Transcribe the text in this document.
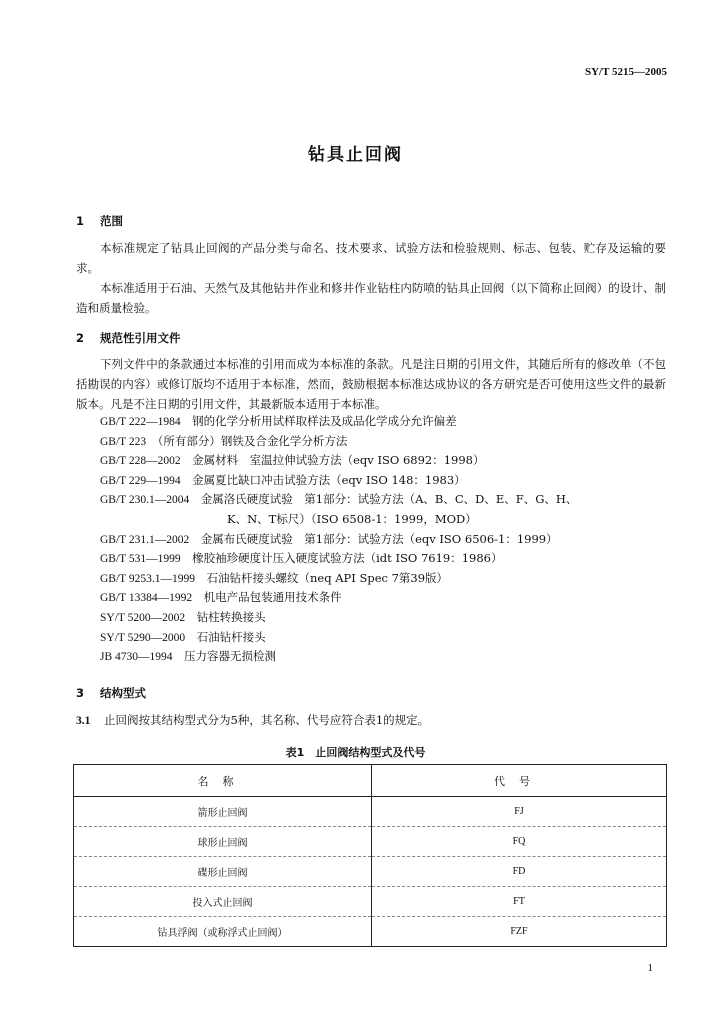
SY/T 5215—2005
钻具止回阀
1 范围
本标准规定了钻具止回阀的产品分类与命名、技术要求、试验方法和检验规则、标志、包装、贮存及运输的要求。
本标准适用于石油、天然气及其他钻井作业和修井作业钻柱内防喷的钻具止回阀（以下简称止回阀）的设计、制造和质量检验。
2 规范性引用文件
下列文件中的条款通过本标准的引用而成为本标准的条款。凡是注日期的引用文件，其随后所有的修改单（不包括勘误的内容）或修订版均不适用于本标准，然而，鼓励根据本标准达成协议的各方研究是否可使用这些文件的最新版本。凡是不注日期的引用文件，其最新版本适用于本标准。
GB/T 222—1984　 钢的化学分析用试样取样法及成品化学成分允许偏差
GB/T 223　 （所有部分）钢铁及合金化学分析方法
GB/T 228—2002　 金属材料　室温拉伸试验方法（eqv ISO 6892：1998）
GB/T 229—1994　 金属夏比缺口冲击试验方法（eqv ISO 148：1983）
GB/T 230.1—2004　 金属洛氏硬度试验　第1部分：试验方法（A、B、C、D、E、F、G、H、
K、N、T标尺）（ISO 6508-1：1999，MOD）
GB/T 231.1—2002　 金属布氏硬度试验　第1部分：试验方法（eqv ISO 6506-1：1999）
GB/T 531—1999　 橡胶袖珍硬度计压入硬度试验方法（idt ISO 7619：1986）
GB/T 9253.1—1999　 石油钻杆接头螺纹（neq API Spec 7第39版）
GB/T 13384—1992　 机电产品包装通用技术条件
SY/T 5200—2002　 钻柱转换接头
SY/T 5290—2000　 石油钻杆接头
JB 4730—1994　 压力容器无损检测
3 结构型式
3.1 止回阀按其结构型式分为5种，其名称、代号应符合表1的规定。
表1　止回阀结构型式及代号
名称	代号
箭形止回阀	FJ
球形止回阀	FQ
碟形止回阀	FD
投入式止回阀	FT
钻具浮阀（或称浮式止回阀）	FZF
1
